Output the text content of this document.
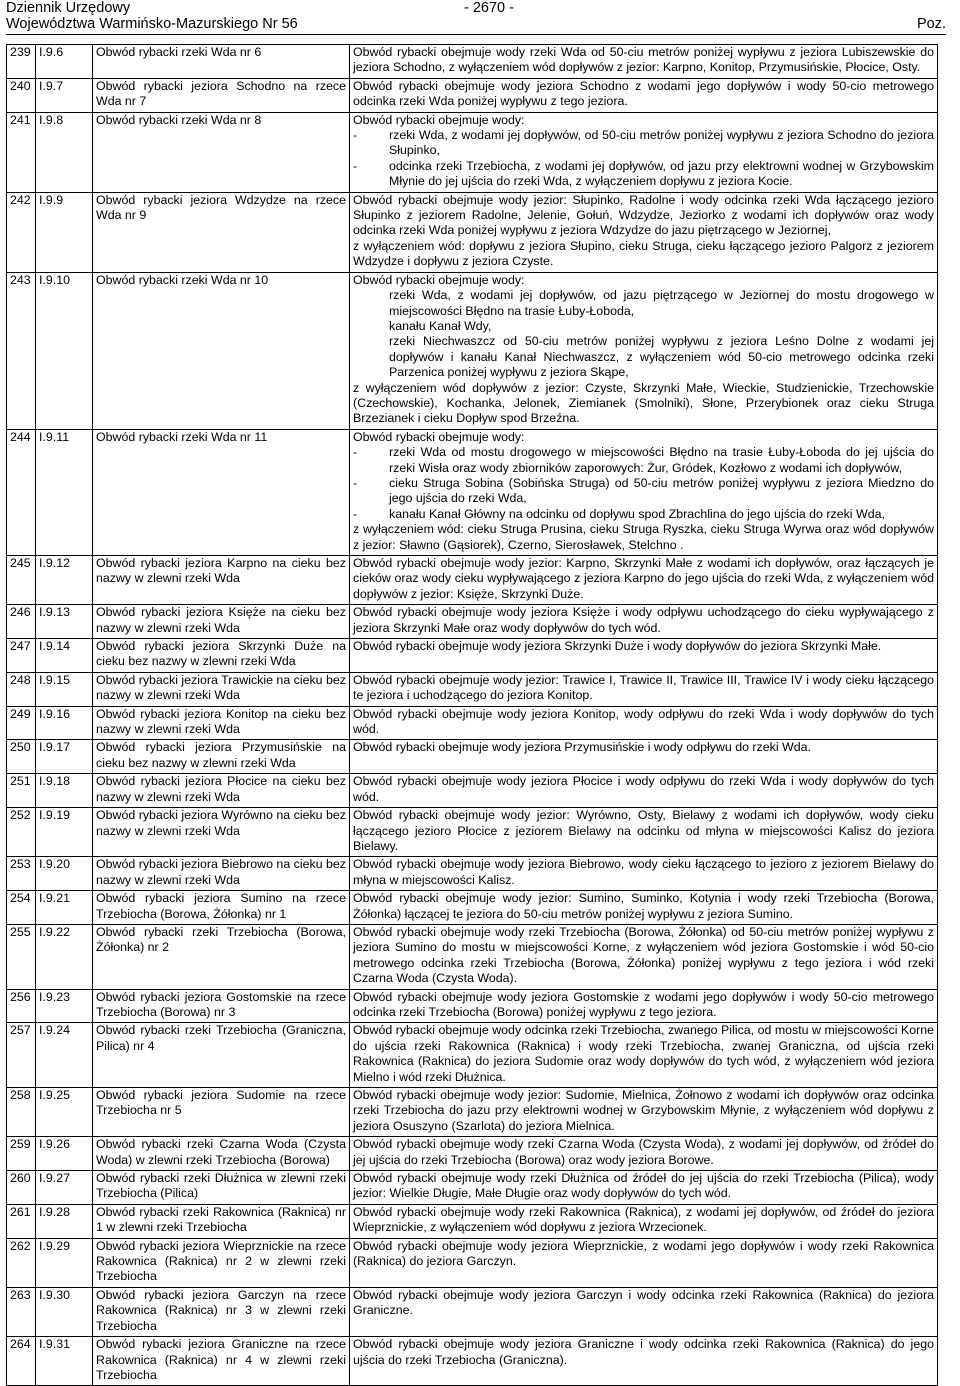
Dziennik Urzędowy
Województwa Warmińsko-Mazurskiego Nr 56
- 2670 -
Poz.
239	I.9.6	Obwód rybacki rzeki Wda nr 6	Obwód rybacki obejmuje wody rzeki Wda od 50-ciu metrów poniżej wypływu z jeziora Lubiszewskie do jeziora Schodno, z wyłączeniem wód dopływów z jezior: Karpno, Konitop, Przymusińskie, Płocice, Osty.

240	I.9.7	Obwód rybacki jeziora Schodno na rzece Wda nr 7	Obwód rybacki obejmuje wody jeziora Schodno z wodami jego dopływów i wody 50-cio metrowego odcinka rzeki Wda poniżej wypływu z tego jeziora.

241	I.9.8	Obwód rybacki rzeki Wda nr 8	Obwód rybacki obejmuje wody:
- rzeki Wda, z wodami jej dopływów, od 50-ciu metrów poniżej wypływu z jeziora Schodno do jeziora Słupinko,
- odcinka rzeki Trzebiocha, z wodami jej dopływów, od jazu przy elektrowni wodnej w Grzybowskim Młynie do jej ujścia do rzeki Wda, z wyłączeniem dopływu z jeziora Kocie.

242	I.9.9	Obwód rybacki jeziora Wdzydze na rzece Wda nr 9	Obwód rybacki obejmuje wody jezior: Słupinko, Radolne i wody odcinka rzeki Wda łączącego jezioro Słupinko z jeziorem Radolne, Jelenie, Gołuń, Wdzydze, Jeziorko z wodami ich dopływów oraz wody odcinka rzeki Wda poniżej wypływu z jeziora Wdzydze do jazu piętrzącego w Jeziornej,
z wyłączeniem wód: dopływu z jeziora Słupino, cieku Struga, cieku łączącego jezioro Palgorz z jeziorem Wdzydze i dopływu z jeziora Czyste.

243	I.9.10	Obwód rybacki rzeki Wda nr 10	Obwód rybacki obejmuje wody:
rzeki Wda, z wodami jej dopływów, od jazu piętrzącego w Jeziornej do mostu drogowego w miejscowości Błędno na trasie Łuby-Łoboda,
kanału Kanał Wdy,
rzeki Niechwaszcz od 50-ciu metrów poniżej wypływu z jeziora Leśno Dolne z wodami jej dopływów i kanału Kanał Niechwaszcz, z wyłączeniem wód 50-cio metrowego odcinka rzeki Parzenica poniżej wypływu z jeziora Skąpe,
z wyłączeniem wód dopływów z jezior: Czyste, Skrzynki Małe, Wieckie, Studzienickie, Trzechowskie (Czechowskie), Kochanka, Jelonek, Ziemianek (Smolniki), Słone, Przerybionek oraz cieku Struga Brzezianek i cieku Dopływ spod Brzeźna.

244	I.9.11	Obwód rybacki rzeki Wda nr 11	Obwód rybacki obejmuje wody:
- rzeki Wda od mostu drogowego w miejscowości Błędno na trasie Łuby-Łoboda do jej ujścia do rzeki Wisła oraz wody zbiorników zaporowych: Żur, Gródek, Kozłowo z wodami ich dopływów,
- cieku Struga Sobina (Sobińska Struga) od 50-ciu metrów poniżej wypływu z jeziora Miedzno do jego ujścia do rzeki Wda,
- kanału Kanał Główny na odcinku od dopływu spod Zbrachlina do jego ujścia do rzeki Wda,
z wyłączeniem wód: cieku Struga Prusina, cieku Struga Ryszka, cieku Struga Wyrwa oraz wód dopływów z jezior: Sławno (Gąsiorek), Czerno, Sierosławek, Stelchno .

245	I.9.12	Obwód rybacki jeziora Karpno na cieku bez nazwy w zlewni rzeki Wda	Obwód rybacki obejmuje wody jezior: Karpno, Skrzynki Małe z wodami ich dopływów, oraz łączących je cieków oraz wody cieku wypływającego z jeziora Karpno do jego ujścia do rzeki Wda, z wyłączeniem wód dopływów z jezior: Księże, Skrzynki Duże.

246	I.9.13	Obwód rybacki jeziora Księże na cieku bez nazwy w zlewni rzeki Wda	Obwód rybacki obejmuje wody jeziora Księże i wody odpływu uchodzącego do cieku wypływającego z jeziora Skrzynki Małe oraz wody dopływów do tych wód.

247	I.9.14	Obwód rybacki jeziora Skrzynki Duże na cieku bez nazwy w zlewni rzeki Wda	Obwód rybacki obejmuje wody jeziora Skrzynki Duże i wody dopływów do jeziora Skrzynki Małe.

248	I.9.15	Obwód rybacki jeziora Trawickie na cieku bez nazwy w zlewni rzeki Wda	Obwód rybacki obejmuje wody jezior: Trawice I, Trawice II, Trawice III, Trawice IV i wody cieku łączącego te jeziora i uchodzącego do jeziora Konitop.

249	I.9.16	Obwód rybacki jeziora Konitop na cieku bez nazwy w zlewni rzeki Wda	Obwód rybacki obejmuje wody jeziora Konitop, wody odpływu do rzeki Wda i wody dopływów do tych wód.

250	I.9.17	Obwód rybacki jeziora Przymusińskie na cieku bez nazwy w zlewni rzeki Wda	Obwód rybacki obejmuje wody jeziora Przymusińskie i wody odpływu do rzeki Wda.

251	I.9.18	Obwód rybacki jeziora Płocice na cieku bez nazwy w zlewni rzeki Wda	Obwód rybacki obejmuje wody jeziora Płocice i wody odpływu do rzeki Wda i wody dopływów do tych wód.

252	I.9.19	Obwód rybacki jeziora Wyrówno na cieku bez nazwy w zlewni rzeki Wda	Obwód rybacki obejmuje wody jezior: Wyrówno, Osty, Bielawy z wodami ich dopływów, wody cieku łączącego jezioro Płocice z jeziorem Bielawy na odcinku od młyna w miejscowości Kalisz do jeziora Bielawy.

253	I.9.20	Obwód rybacki jeziora Biebrowo na cieku bez nazwy w zlewni rzeki Wda	Obwód rybacki obejmuje wody jeziora Biebrowo, wody cieku łączącego to jezioro z jeziorem Bielawy do młyna w miejscowości Kalisz.

254	I.9.21	Obwód rybacki jeziora Sumino na rzece Trzebiocha (Borowa, Żółonka) nr 1	Obwód rybacki obejmuje wody jezior: Sumino, Suminko, Kotynia i wody rzeki Trzebiocha (Borowa, Żółonka) łączącej te jeziora do 50-ciu metrów poniżej wypływu z jeziora Sumino.

255	I.9.22	Obwód rybacki rzeki Trzebiocha (Borowa, Żółonka) nr 2	Obwód rybacki obejmuje wody rzeki Trzebiocha (Borowa, Żółonka) od 50-ciu metrów poniżej wypływu z jeziora Sumino do mostu w miejscowości Korne, z wyłączeniem wód jeziora Gostomskie i wód 50-cio metrowego odcinka rzeki Trzebiocha (Borowa, Żółonka) poniżej wypływu z tego jeziora i wód rzeki Czarna Woda (Czysta Woda).

256	I.9.23	Obwód rybacki jeziora Gostomskie na rzece Trzebiocha (Borowa) nr 3	Obwód rybacki obejmuje wody jeziora Gostomskie z wodami jego dopływów i wody 50-cio metrowego odcinka rzeki Trzebiocha (Borowa) poniżej wypływu z tego jeziora.

257	I.9.24	Obwód rybacki rzeki Trzebiocha (Graniczna, Pilica) nr 4	Obwód rybacki obejmuje wody odcinka rzeki Trzebiocha, zwanego Pilica, od mostu w miejscowości Korne do ujścia rzeki Rakownica (Raknica) i wody rzeki Trzebiocha, zwanej Graniczna, od ujścia rzeki Rakownica (Raknica) do jeziora Sudomie oraz wody dopływów do tych wód, z wyłączeniem wód jeziora Mielno i wód rzeki Dłużnica.

258	I.9.25	Obwód rybacki jeziora Sudomie na rzece Trzebiocha nr 5	Obwód rybacki obejmuje wody jezior: Sudomie, Mielnica, Żołnowo z wodami ich dopływów oraz odcinka rzeki Trzebiocha do jazu przy elektrowni wodnej w Grzybowskim Młynie, z wyłączeniem wód dopływu z jeziora Osuszyno (Szarlota) do jeziora Mielnica.

259	I.9.26	Obwód rybacki rzeki Czarna Woda (Czysta Woda) w zlewni rzeki Trzebiocha (Borowa)	Obwód rybacki obejmuje wody rzeki Czarna Woda (Czysta Woda), z wodami jej dopływów, od źródeł do jej ujścia do rzeki Trzebiocha (Borowa) oraz wody jeziora Borowe.

260	I.9.27	Obwód rybacki rzeki Dłużnica w zlewni rzeki Trzebiocha (Pilica)	Obwód rybacki obejmuje wody rzeki Dłużnica od źródeł do jej ujścia do rzeki Trzebiocha (Pilica), wody jezior: Wielkie Długie, Małe Długie oraz wody dopływów do tych wód.

261	I.9.28	Obwód rybacki rzeki Rakownica (Raknica) nr 1 w zlewni rzeki Trzebiocha	Obwód rybacki obejmuje wody rzeki Rakownica (Raknica), z wodami jej dopływów, od źródeł do jeziora Wieprznickie, z wyłączeniem wód dopływu z jeziora Wrzecionek.

262	I.9.29	Obwód rybacki jeziora Wieprznickie na rzece Rakownica (Raknica) nr 2 w zlewni rzeki Trzebiocha	Obwód rybacki obejmuje wody jeziora Wieprznickie, z wodami jego dopływów i wody rzeki Rakownica (Raknica) do jeziora Garczyn.

263	I.9.30	Obwód rybacki jeziora Garczyn na rzece Rakownica (Raknica) nr 3 w zlewni rzeki Trzebiocha	Obwód rybacki obejmuje wody jeziora Garczyn i wody odcinka rzeki Rakownica (Raknica) do jeziora Graniczne.

264	I.9.31	Obwód rybacki jeziora Graniczne na rzece Rakownica (Raknica) nr 4 w zlewni rzeki Trzebiocha	Obwód rybacki obejmuje wody jeziora Graniczne i wody odcinka rzeki Rakownica (Raknica) do jego ujścia do rzeki Trzebiocha (Graniczna).
